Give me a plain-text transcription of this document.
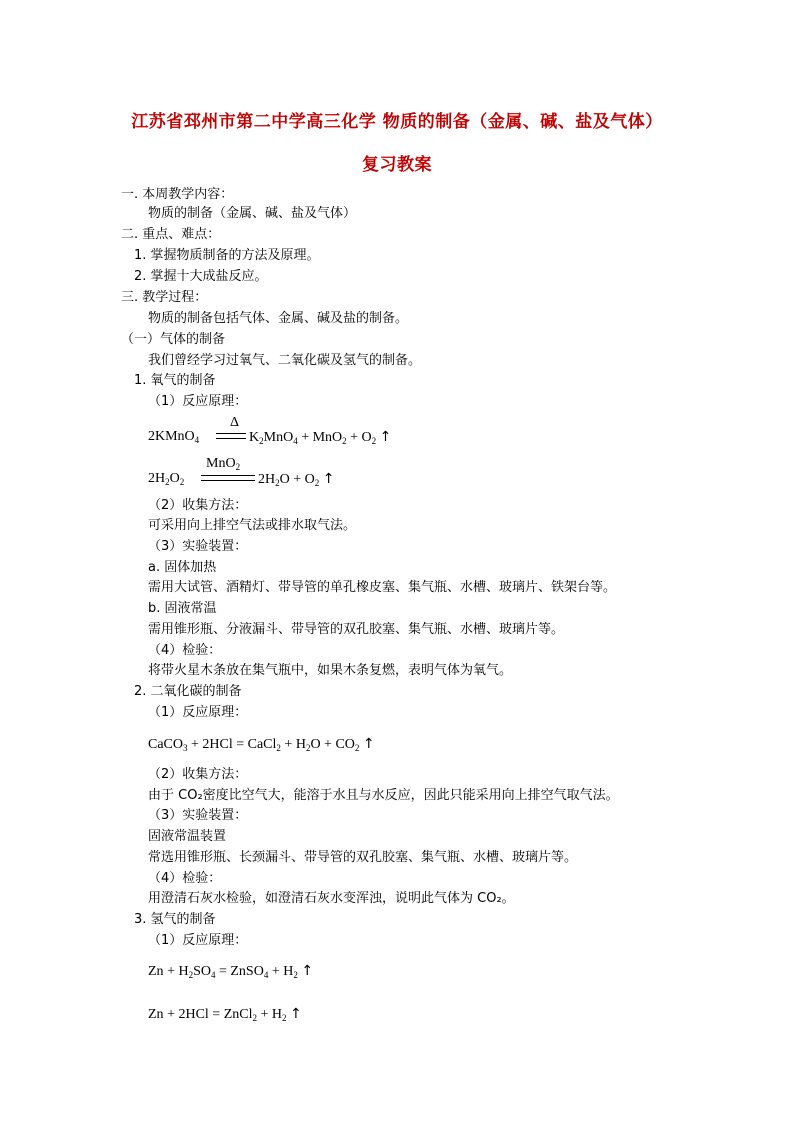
江苏省邳州市第二中学高三化学 物质的制备（金属、碱、盐及气体）
复习教案
一. 本周教学内容：
物质的制备（金属、碱、盐及气体）
二. 重点、难点：
1. 掌握物质制备的方法及原理。
2. 掌握十大成盐反应。
三. 教学过程：
物质的制备包括气体、金属、碱及盐的制备。
（一）气体的制备
我们曾经学习过氧气、二氧化碳及氢气的制备。
1. 氧气的制备
（1）反应原理：
2KMnO$_4$
Δ
$K_2MnO_4 + MnO_2 + O_2$ ↑
$2H_2O_2$
MnO$_2$
$2H_2O + O_2$ ↑
（2）收集方法：
可采用向上排空气法或排水取气法。
（3）实验装置：
a. 固体加热
需用大试管、酒精灯、带导管的单孔橡皮塞、集气瓶、水槽、玻璃片、铁架台等。
b. 固液常温
需用锥形瓶、分液漏斗、带导管的双孔胶塞、集气瓶、水槽、玻璃片等。
（4）检验：
将带火星木条放在集气瓶中，如果木条复燃，表明气体为氧气。
2. 二氧化碳的制备
（1）反应原理：
CaCO$_3$ + 2HCl = CaCl$_2$ + $H_2O + CO_2$ ↑
（2）收集方法：
由于 CO₂密度比空气大，能溶于水且与水反应，因此只能采用向上排空气取气法。
（3）实验装置：
固液常温装置
常选用锥形瓶、长颈漏斗、带导管的双孔胶塞、集气瓶、水槽、玻璃片等。
（4）检验：
用澄清石灰水检验，如澄清石灰水变浑浊，说明此气体为 CO₂。
3. 氢气的制备
（1）反应原理：
$Zn + H_2SO_4$ = ZnSO$_4$ + $H_2$ ↑
Zn + 2HCl = ZnCl$_2$ + $H_2$ ↑
